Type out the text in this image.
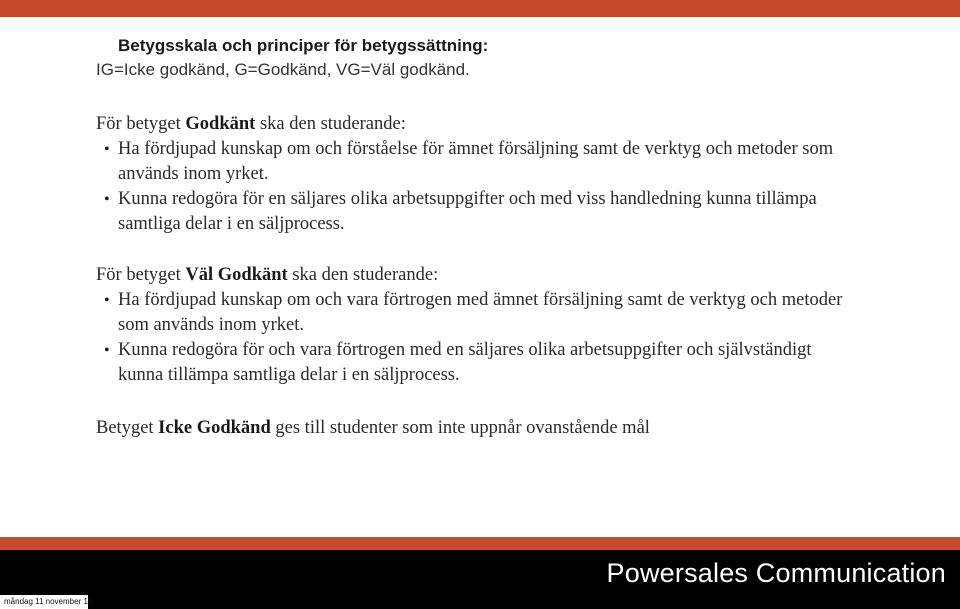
Betygsskala och principer för betygssättning:

IG=Icke godkänd, G=Godkänd, VG=Väl godkänd.

För betyget Godkänt ska den studerande:

• Ha fördjupad kunskap om och förståelse för ämnet försäljning samt de verktyg och metoder som används inom yrket.
• Kunna redogöra för en säljares olika arbetsuppgifter och med viss handledning kunna tillämpa samtliga delar i en säljprocess.

För betyget Väl Godkänt ska den studerande:

• Ha fördjupad kunskap om och vara förtrogen med ämnet försäljning samt de verktyg och metoder som används inom yrket.
• Kunna redogöra för och vara förtrogen med en säljares olika arbetsuppgifter och självständigt kunna tillämpa samtliga delar i en säljprocess.

Betyget Icke Godkänd ges till studenter som inte uppnår ovanstående mål

Powersales Communication
måndag 11 november 13
